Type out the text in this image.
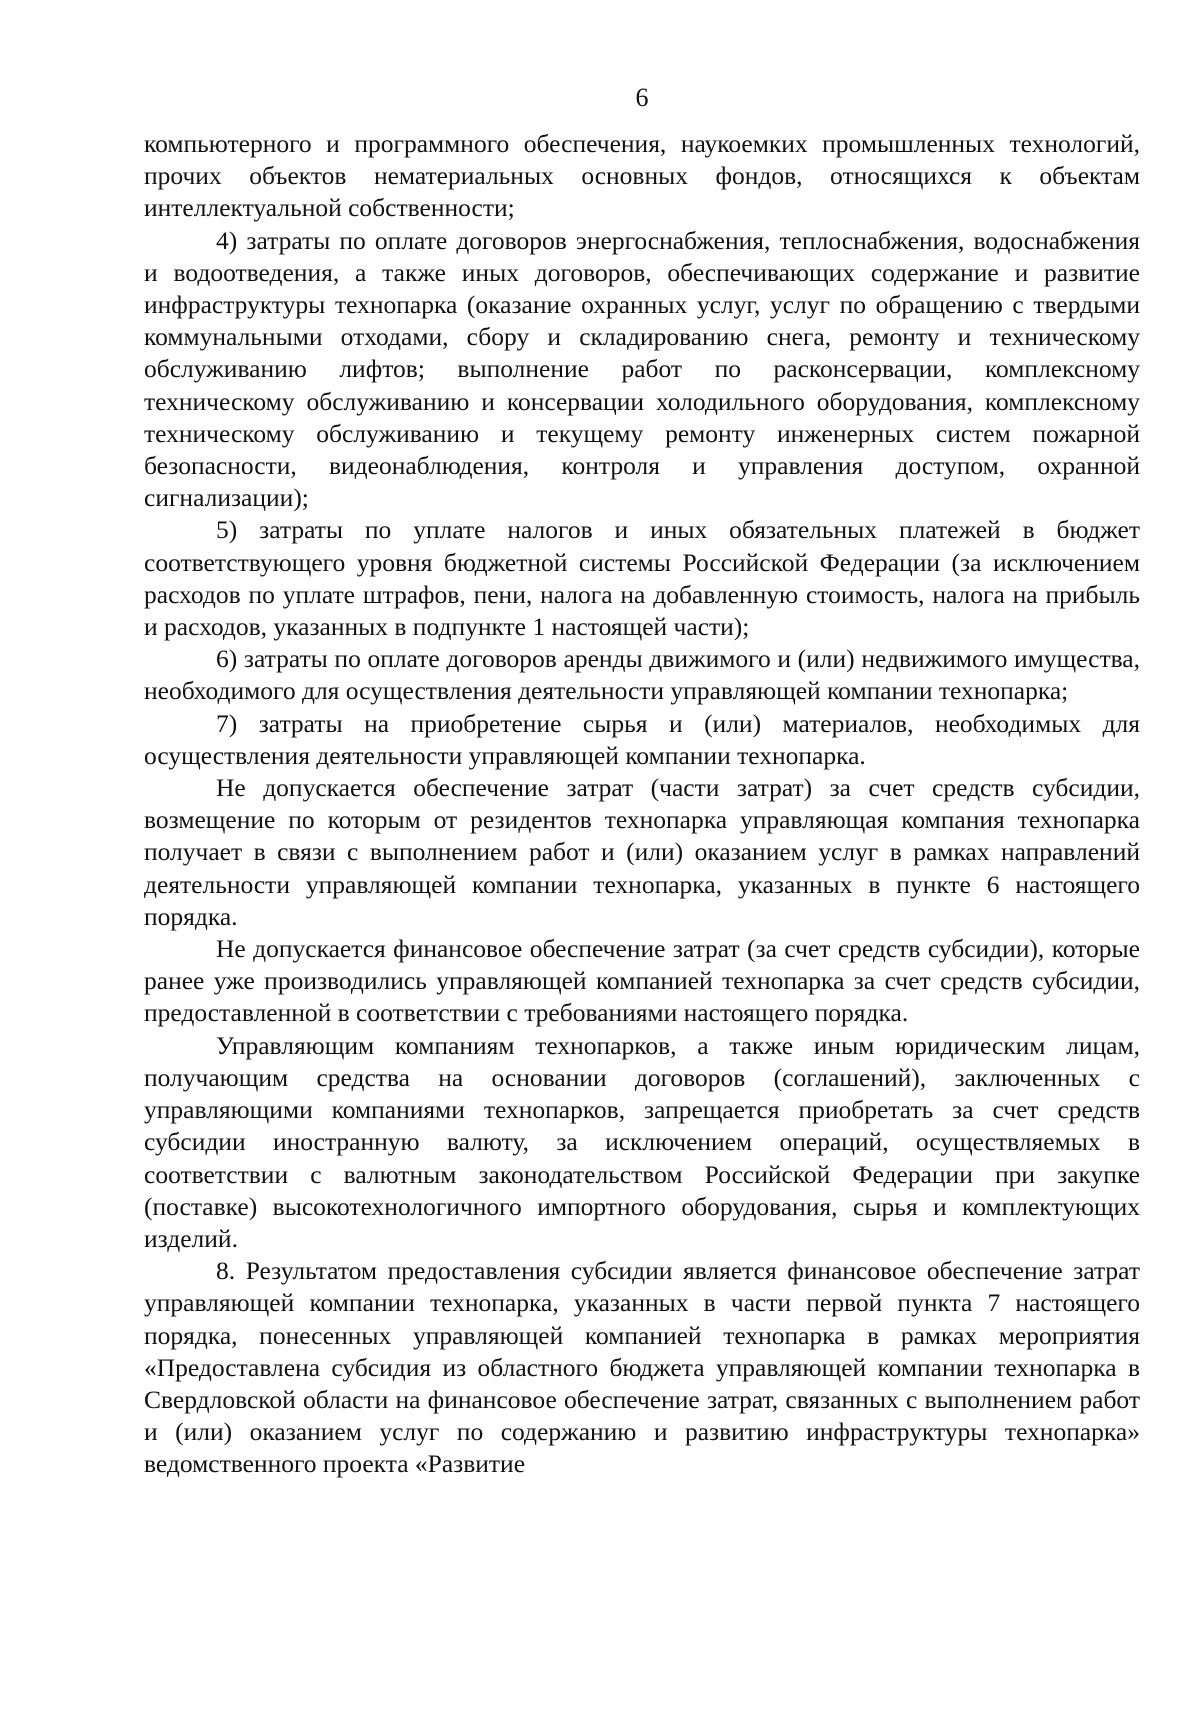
6

компьютерного и программного обеспечения, наукоемких промышленных технологий, прочих объектов нематериальных основных фондов, относящихся к объектам интеллектуальной собственности;

4) затраты по оплате договоров энергоснабжения, теплоснабжения, водоснабжения и водоотведения, а также иных договоров, обеспечивающих содержание и развитие инфраструктуры технопарка (оказание охранных услуг, услуг по обращению с твердыми коммунальными отходами, сбору и складированию снега, ремонту и техническому обслуживанию лифтов; выполнение работ по расконсервации, комплексному техническому обслуживанию и консервации холодильного оборудования, комплексному техническому обслуживанию и текущему ремонту инженерных систем пожарной безопасности, видеонаблюдения, контроля и управления доступом, охранной сигнализации);

5) затраты по уплате налогов и иных обязательных платежей в бюджет соответствующего уровня бюджетной системы Российской Федерации (за исключением расходов по уплате штрафов, пени, налога на добавленную стоимость, налога на прибыль и расходов, указанных в подпункте 1 настоящей части);

6) затраты по оплате договоров аренды движимого и (или) недвижимого имущества, необходимого для осуществления деятельности управляющей компании технопарка;

7) затраты на приобретение сырья и (или) материалов, необходимых для осуществления деятельности управляющей компании технопарка.

Не допускается обеспечение затрат (части затрат) за счет средств субсидии, возмещение по которым от резидентов технопарка управляющая компания технопарка получает в связи с выполнением работ и (или) оказанием услуг в рамках направлений деятельности управляющей компании технопарка, указанных в пункте 6 настоящего порядка.

Не допускается финансовое обеспечение затрат (за счет средств субсидии), которые ранее уже производились управляющей компанией технопарка за счет средств субсидии, предоставленной в соответствии с требованиями настоящего порядка.

Управляющим компаниям технопарков, а также иным юридическим лицам, получающим средства на основании договоров (соглашений), заключенных с управляющими компаниями технопарков, запрещается приобретать за счет средств субсидии иностранную валюту, за исключением операций, осуществляемых в соответствии с валютным законодательством Российской Федерации при закупке (поставке) высокотехнологичного импортного оборудования, сырья и комплектующих изделий.

8. Результатом предоставления субсидии является финансовое обеспечение затрат управляющей компании технопарка, указанных в части первой пункта 7 настоящего порядка, понесенных управляющей компанией технопарка в рамках мероприятия «Предоставлена субсидия из областного бюджета управляющей компании технопарка в Свердловской области на финансовое обеспечение затрат, связанных с выполнением работ и (или) оказанием услуг по содержанию и развитию инфраструктуры технопарка» ведомственного проекта «Развитие
